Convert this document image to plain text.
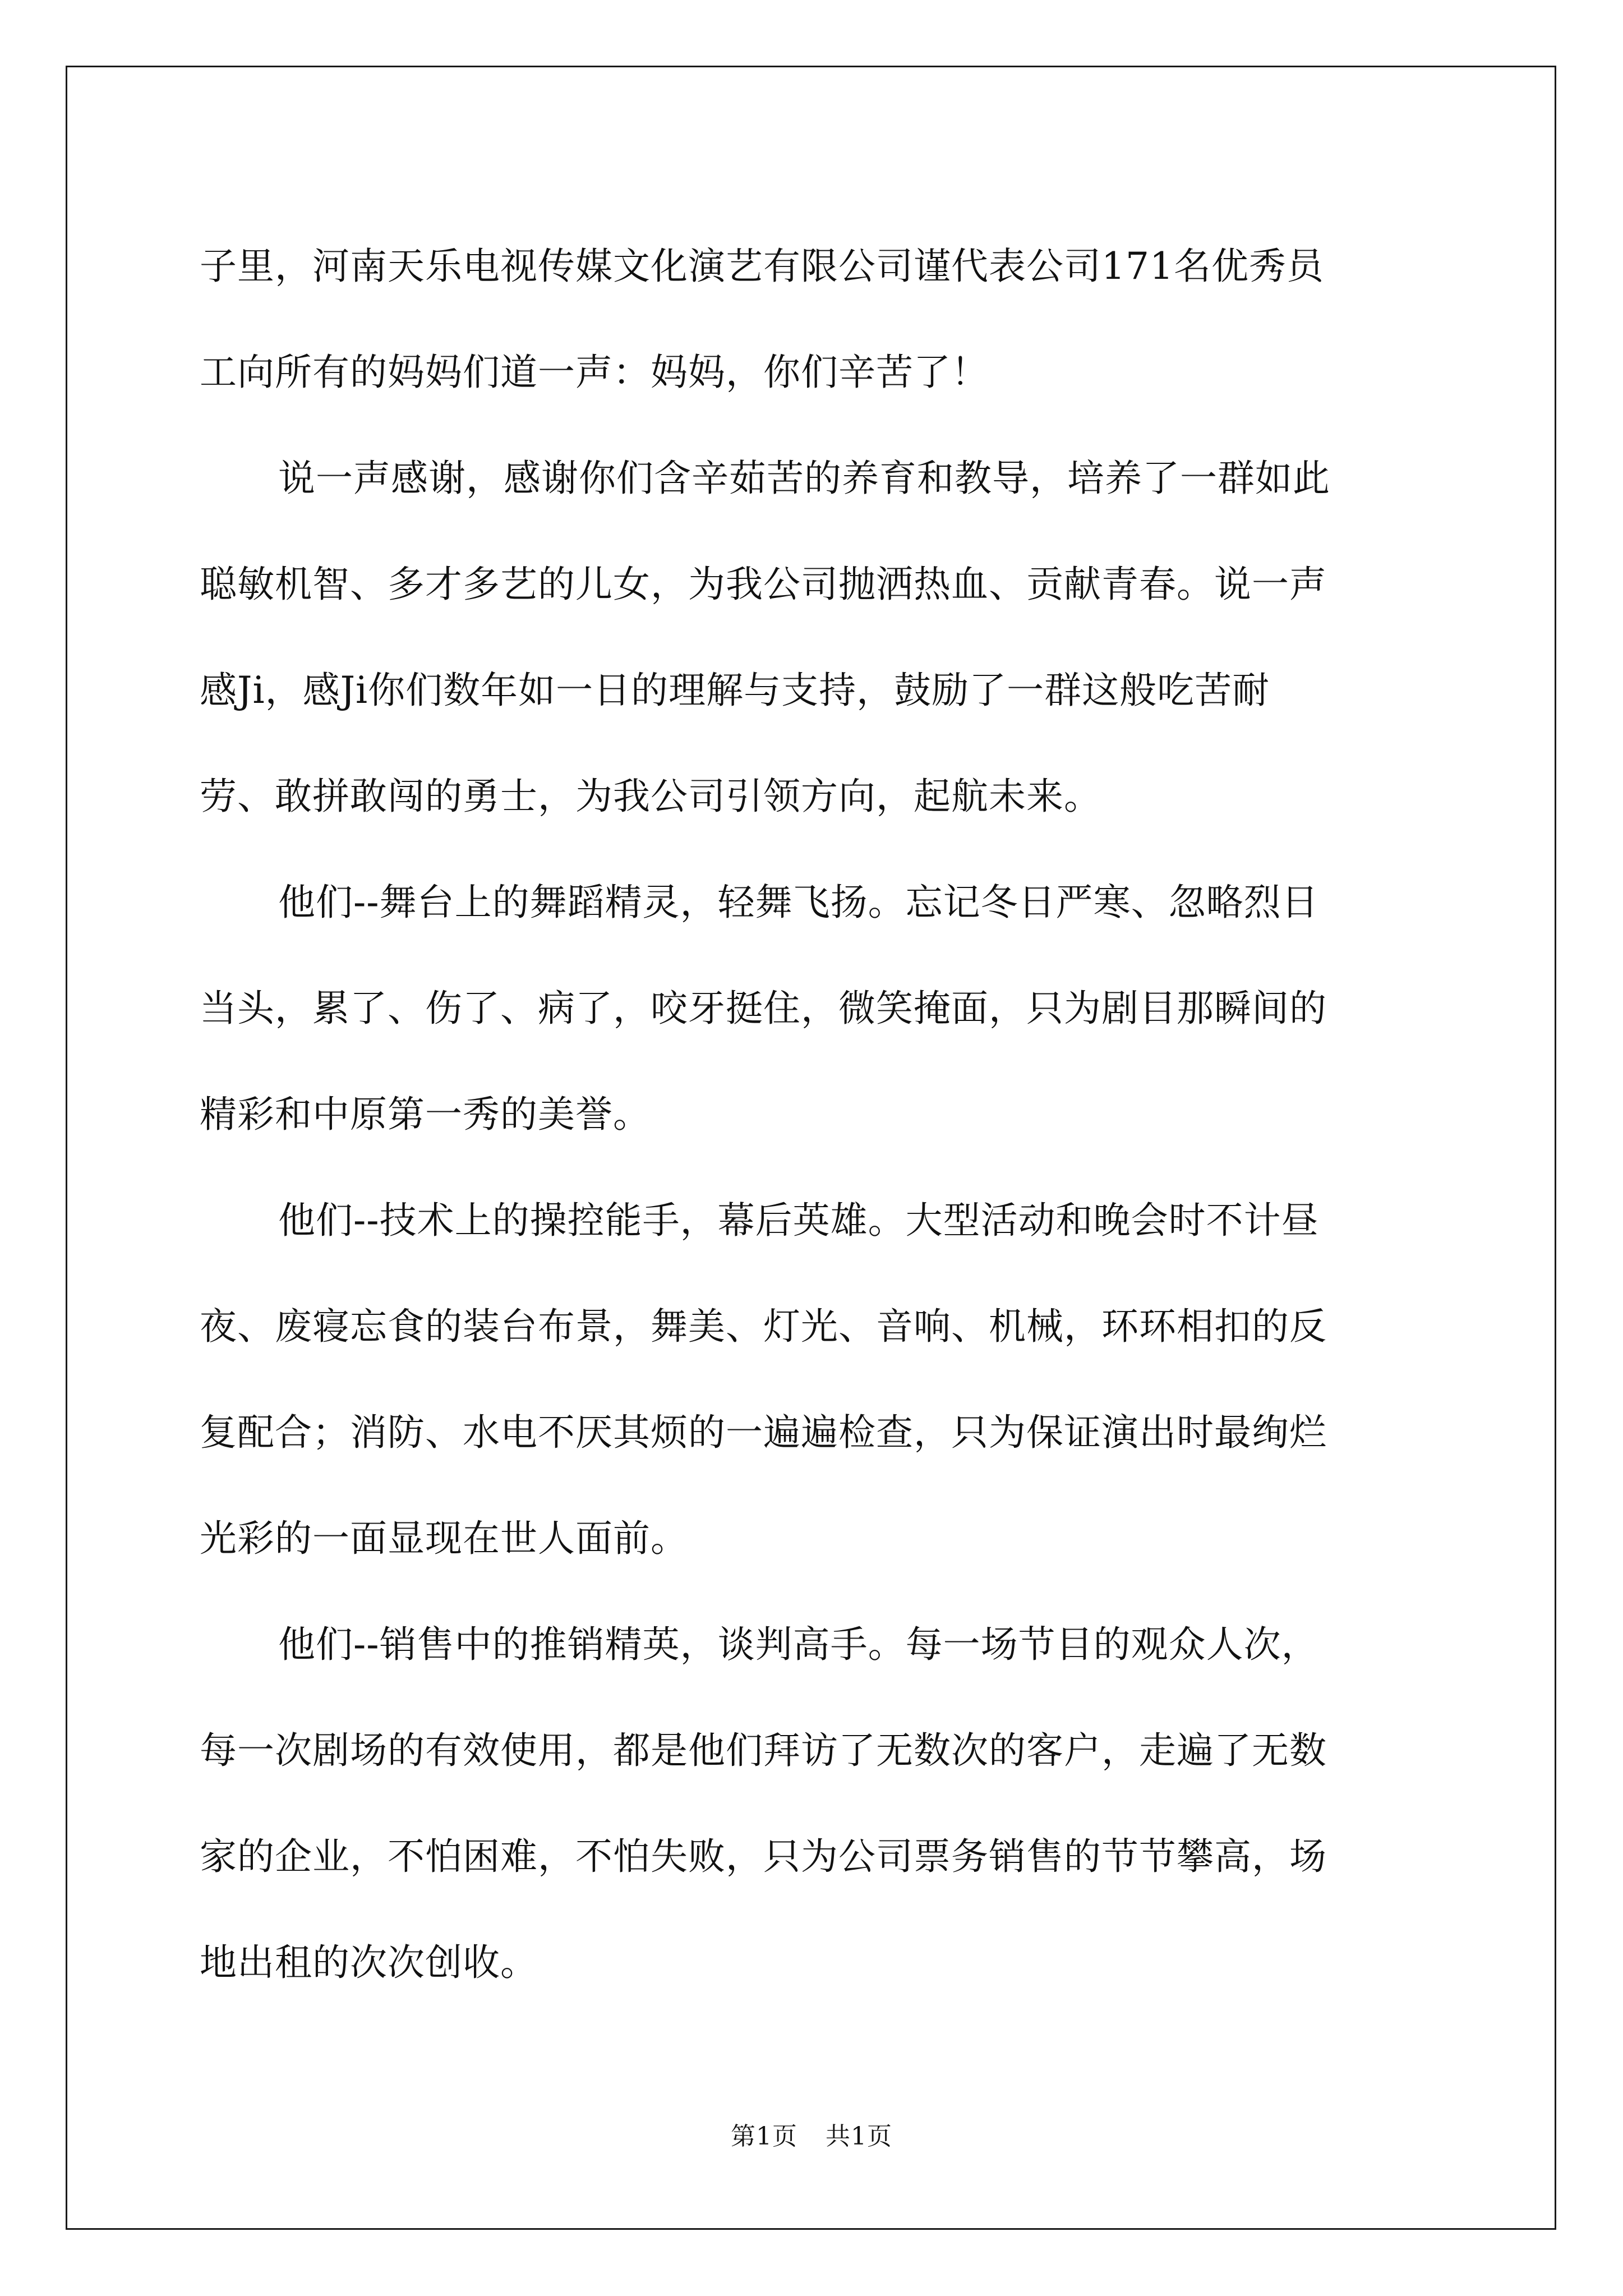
子里，河南天乐电视传媒文化演艺有限公司谨代表公司171名优秀员
工向所有的妈妈们道一声：妈妈，你们辛苦了！
说一声感谢，感谢你们含辛茹苦的养育和教导，培养了一群如此
聪敏机智、多才多艺的儿女，为我公司抛洒热血、贡献青春。说一声
感Ji，感Ji你们数年如一日的理解与支持，鼓励了一群这般吃苦耐
劳、敢拼敢闯的勇士，为我公司引领方向，起航未来。
他们--舞台上的舞蹈精灵，轻舞飞扬。忘记冬日严寒、忽略烈日
当头，累了、伤了、病了，咬牙挺住，微笑掩面，只为剧目那瞬间的
精彩和中原第一秀的美誉。
他们--技术上的操控能手，幕后英雄。大型活动和晚会时不计昼
夜、废寝忘食的装台布景，舞美、灯光、音响、机械，环环相扣的反
复配合；消防、水电不厌其烦的一遍遍检查，只为保证演出时最绚烂
光彩的一面显现在世人面前。
他们--销售中的推销精英，谈判高手。每一场节目的观众人次，
每一次剧场的有效使用，都是他们拜访了无数次的客户，走遍了无数
家的企业，不怕困难，不怕失败，只为公司票务销售的节节攀高，场
地出租的次次创收。
第1页 共1页
